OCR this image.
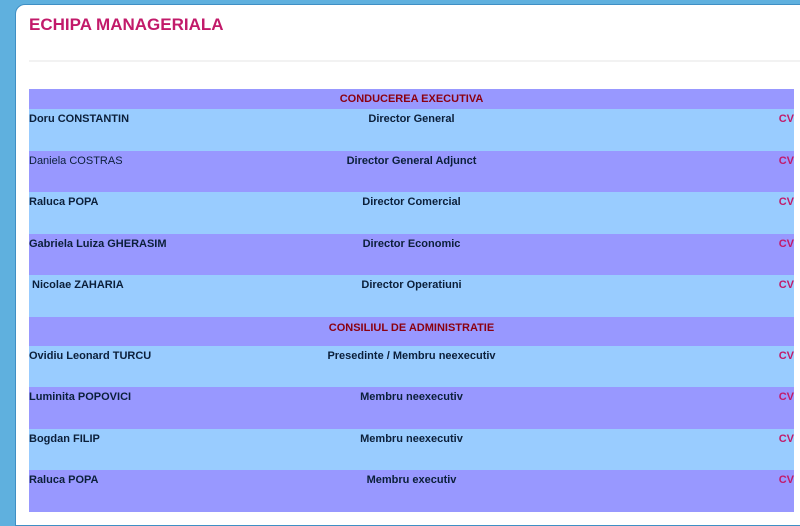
ECHIPA MANAGERIALA
CONDUCEREA EXECUTIVA
Doru CONSTANTIN	Director General	CV
Daniela COSTRAS	Director General Adjunct	CV
Raluca POPA	Director Comercial	CV
Gabriela Luiza GHERASIM	Director Economic	CV
Nicolae ZAHARIA	Director Operatiuni	CV
CONSILIUL DE ADMINISTRATIE
Ovidiu Leonard TURCU	Presedinte / Membru neexecutiv	CV
Luminita POPOVICI	Membru neexecutiv	CV
Bogdan FILIP	Membru neexecutiv	CV
Raluca POPA	Membru executiv	CV
